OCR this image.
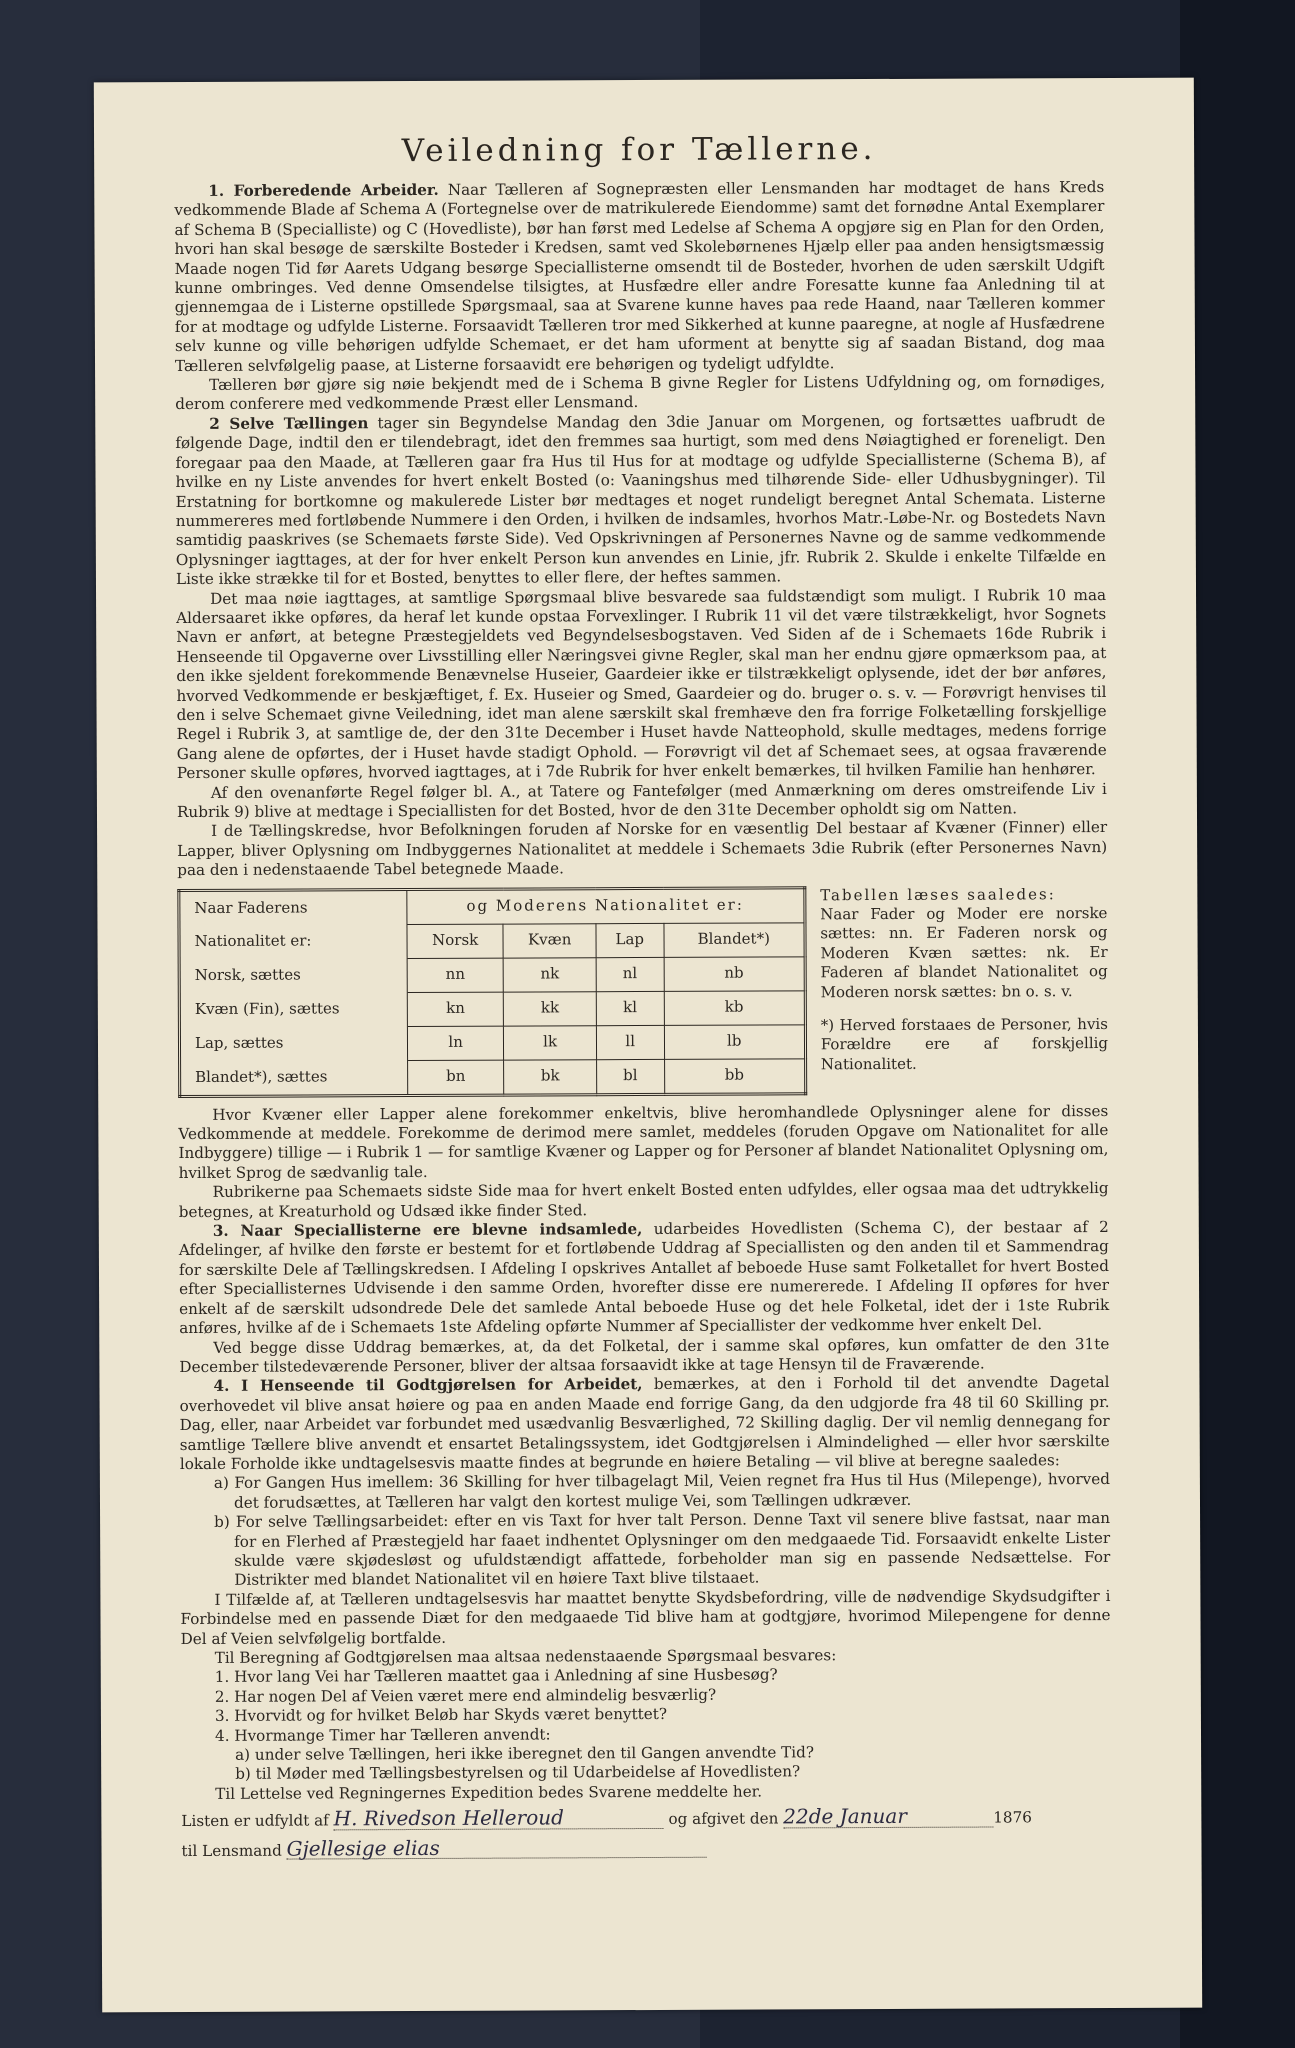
Veiledning for Tællerne.

1. Forberedende Arbeider. Naar Tælleren af Sognepræsten eller Lensmanden har modtaget de hans Kreds vedkommende Blade af Schema A (Fortegnelse over de matrikulerede Eiendomme) samt det fornødne Antal Exemplarer af Schema B (Specialliste) og C (Hovedliste), bør han først med Ledelse af Schema A opgjøre sig en Plan for den Orden, hvori han skal besøge de særskilte Bosteder i Kredsen, samt ved Skolebørnenes Hjælp eller paa anden hensigtsmæssig Maade nogen Tid før Aarets Udgang besørge Speciallisterne omsendt til de Bosteder, hvorhen de uden særskilt Udgift kunne ombringes. Ved denne Omsendelse tilsigtes, at Husfædre eller andre Foresatte kunne faa Anledning til at gjennemgaa de i Listerne opstillede Spørgsmaal, saa at Svarene kunne haves paa rede Haand, naar Tælleren kommer for at modtage og udfylde Listerne. Forsaavidt Tælleren tror med Sikkerhed at kunne paaregne, at nogle af Husfædrene selv kunne og ville behørigen udfylde Schemaet, er det ham uforment at benytte sig af saadan Bistand, dog maa Tælleren selvfølgelig paase, at Listerne forsaavidt ere behørigen og tydeligt udfyldte.

Tælleren bør gjøre sig nøie bekjendt med de i Schema B givne Regler for Listens Udfyldning og, om fornødiges, derom conferere med vedkommende Præst eller Lensmand.

2 Selve Tællingen tager sin Begyndelse Mandag den 3die Januar om Morgenen, og fortsættes uafbrudt de følgende Dage, indtil den er tilendebragt, idet den fremmes saa hurtigt, som med dens Nøiagtighed er foreneligt. Den foregaar paa den Maade, at Tælleren gaar fra Hus til Hus for at modtage og udfylde Speciallisterne (Schema B), af hvilke en ny Liste anvendes for hvert enkelt Bosted (o: Vaaningshus med tilhørende Side- eller Udhusbygninger). Til Erstatning for bortkomne og makulerede Lister bør medtages et noget rundeligt beregnet Antal Schemata. Listerne nummereres med fortløbende Nummere i den Orden, i hvilken de indsamles, hvorhos Matr.-Løbe-Nr. og Bostedets Navn samtidig paaskrives (se Schemaets første Side). Ved Opskrivningen af Personernes Navne og de samme vedkommende Oplysninger iagttages, at der for hver enkelt Person kun anvendes en Linie, jfr. Rubrik 2. Skulde i enkelte Tilfælde en Liste ikke strække til for et Bosted, benyttes to eller flere, der heftes sammen.

Det maa nøie iagttages, at samtlige Spørgsmaal blive besvarede saa fuldstændigt som muligt. I Rubrik 10 maa Aldersaaret ikke opføres, da heraf let kunde opstaa Forvexlinger. I Rubrik 11 vil det være tilstrækkeligt, hvor Sognets Navn er anført, at betegne Præstegjeldets ved Begyndelsesbogstaven. Ved Siden af de i Schemaets 16de Rubrik i Henseende til Opgaverne over Livsstilling eller Næringsvei givne Regler, skal man her endnu gjøre opmærksom paa, at den ikke sjeldent forekommende Benævnelse Huseier, Gaardeier ikke er tilstrækkeligt oplysende, idet der bør anføres, hvorved Vedkommende er beskjæftiget, f. Ex. Huseier og Smed, Gaardeier og do. bruger o. s. v. — Forøvrigt henvises til den i selve Schemaet givne Veiledning, idet man alene særskilt skal fremhæve den fra forrige Folketælling forskjellige Regel i Rubrik 3, at samtlige de, der den 31te December i Huset havde Natteophold, skulle medtages, medens forrige Gang alene de opførtes, der i Huset havde stadigt Ophold. — Forøvrigt vil det af Schemaet sees, at ogsaa fraværende Personer skulle opføres, hvorved iagttages, at i 7de Rubrik for hver enkelt bemærkes, til hvilken Familie han henhører.

Af den ovenanførte Regel følger bl. A., at Tatere og Fantefølger (med Anmærkning om deres omstreifende Liv i Rubrik 9) blive at medtage i Speciallisten for det Bosted, hvor de den 31te December opholdt sig om Natten.

I de Tællingskredse, hvor Befolkningen foruden af Norske for en væsentlig Del bestaar af Kvæner (Finner) eller Lapper, bliver Oplysning om Indbyggernes Nationalitet at meddele i Schemaets 3die Rubrik (efter Personernes Navn) paa den i nedenstaaende Tabel betegnede Maade.

Naar Faderens	og Moderens Nationalitet er:			
Nationalitet er:	Norsk	Kvæn	Lap	Blandet*)
Norsk, sættes	nn	nk	nl	nb
Kvæn (Fin), sættes	kn	kk	kl	kb
Lap, sættes	ln	lk	ll	lb
Blandet*), sættes	bn	bk	bl	bb

Tabellen læses saaledes:

Naar Fader og Moder ere norske sættes: nn. Er Faderen norsk og Moderen Kvæn sættes: nk. Er Faderen af blandet Nationalitet og Moderen norsk sættes: bn o. s. v.

*) Herved forstaaes de Personer, hvis Forældre ere af forskjellig Nationalitet.

Hvor Kvæner eller Lapper alene forekommer enkeltvis, blive heromhandlede Oplysninger alene for disses Vedkommende at meddele. Forekomme de derimod mere samlet, meddeles (foruden Opgave om Nationalitet for alle Indbyggere) tillige — i Rubrik 1 — for samtlige Kvæner og Lapper og for Personer af blandet Nationalitet Oplysning om, hvilket Sprog de sædvanlig tale.

Rubrikerne paa Schemaets sidste Side maa for hvert enkelt Bosted enten udfyldes, eller ogsaa maa det udtrykkelig betegnes, at Kreaturhold og Udsæd ikke finder Sted.

3. Naar Speciallisterne ere blevne indsamlede, udarbeides Hovedlisten (Schema C), der bestaar af 2 Afdelinger, af hvilke den første er bestemt for et fortløbende Uddrag af Speciallisten og den anden til et Sammendrag for særskilte Dele af Tællingskredsen. I Afdeling I opskrives Antallet af beboede Huse samt Folketallet for hvert Bosted efter Speciallisternes Udvisende i den samme Orden, hvorefter disse ere numererede. I Afdeling II opføres for hver enkelt af de særskilt udsondrede Dele det samlede Antal beboede Huse og det hele Folketal, idet der i 1ste Rubrik anføres, hvilke af de i Schemaets 1ste Afdeling opførte Nummer af Speciallister der vedkomme hver enkelt Del.

Ved begge disse Uddrag bemærkes, at, da det Folketal, der i samme skal opføres, kun omfatter de den 31te December tilstedeværende Personer, bliver der altsaa forsaavidt ikke at tage Hensyn til de Fraværende.

4. I Henseende til Godtgjørelsen for Arbeidet, bemærkes, at den i Forhold til det anvendte Dagetal overhovedet vil blive ansat høiere og paa en anden Maade end forrige Gang, da den udgjorde fra 48 til 60 Skilling pr. Dag, eller, naar Arbeidet var forbundet med usædvanlig Besværlighed, 72 Skilling daglig. Der vil nemlig dennegang for samtlige Tællere blive anvendt et ensartet Betalingssystem, idet Godtgjørelsen i Almindelighed — eller hvor særskilte lokale Forholde ikke undtagelsesvis maatte findes at begrunde en høiere Betaling — vil blive at beregne saaledes:

a) For Gangen Hus imellem: 36 Skilling for hver tilbagelagt Mil, Veien regnet fra Hus til Hus (Milepenge), hvorved det forudsættes, at Tælleren har valgt den kortest mulige Vei, som Tællingen udkræver.

b) For selve Tællingsarbeidet: efter en vis Taxt for hver talt Person. Denne Taxt vil senere blive fastsat, naar man for en Flerhed af Præstegjeld har faaet indhentet Oplysninger om den medgaaede Tid. Forsaavidt enkelte Lister skulde være skjødesløst og ufuldstændigt affattede, forbeholder man sig en passende Nedsættelse. For Distrikter med blandet Nationalitet vil en høiere Taxt blive tilstaaet.

I Tilfælde af, at Tælleren undtagelsesvis har maattet benytte Skydsbefordring, ville de nødvendige Skydsudgifter i Forbindelse med en passende Diæt for den medgaaede Tid blive ham at godtgjøre, hvorimod Milepengene for denne Del af Veien selvfølgelig bortfalde.

Til Beregning af Godtgjørelsen maa altsaa nedenstaaende Spørgsmaal besvares:

1. Hvor lang Vei har Tælleren maattet gaa i Anledning af sine Husbesøg?

2. Har nogen Del af Veien været mere end almindelig besværlig?

3. Hvorvidt og for hvilket Beløb har Skyds været benyttet?

4. Hvormange Timer har Tælleren anvendt:

a) under selve Tællingen, heri ikke iberegnet den til Gangen anvendte Tid?

b) til Møder med Tællingsbestyrelsen og til Udarbeidelse af Hovedlisten?

Til Lettelse ved Regningernes Expedition bedes Svarene meddelte her.

Listen er udfyldt af H. Rivedson Helleroud	og afgivet den 22de Januar	1876

til Lensmand Gjellesige elias
